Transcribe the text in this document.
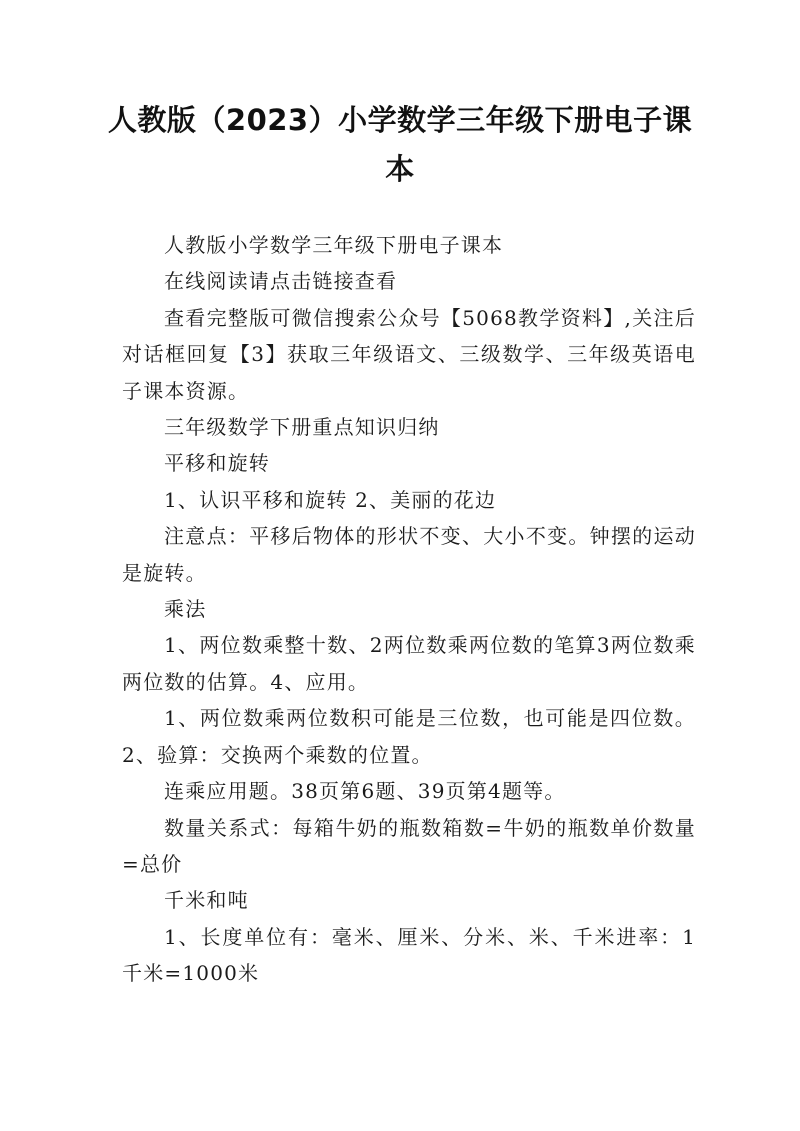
人教版（2023）小学数学三年级下册电子课本

人教版小学数学三年级下册电子课本

在线阅读请点击链接查看

查看完整版可微信搜索公众号【5068教学资料】,关注后对话框回复【3】获取三年级语文、三级数学、三年级英语电子课本资源。

三年级数学下册重点知识归纳

平移和旋转

1、认识平移和旋转 2、美丽的花边

注意点：平移后物体的形状不变、大小不变。钟摆的运动是旋转。

乘法

1、两位数乘整十数、2两位数乘两位数的笔算3两位数乘两位数的估算。4、应用。

1、两位数乘两位数积可能是三位数，也可能是四位数。2、验算：交换两个乘数的位置。

连乘应用题。38页第6题、39页第4题等。

数量关系式：每箱牛奶的瓶数箱数=牛奶的瓶数单价数量=总价

千米和吨

1、长度单位有：毫米、厘米、分米、米、千米进率：1千米=1000米
